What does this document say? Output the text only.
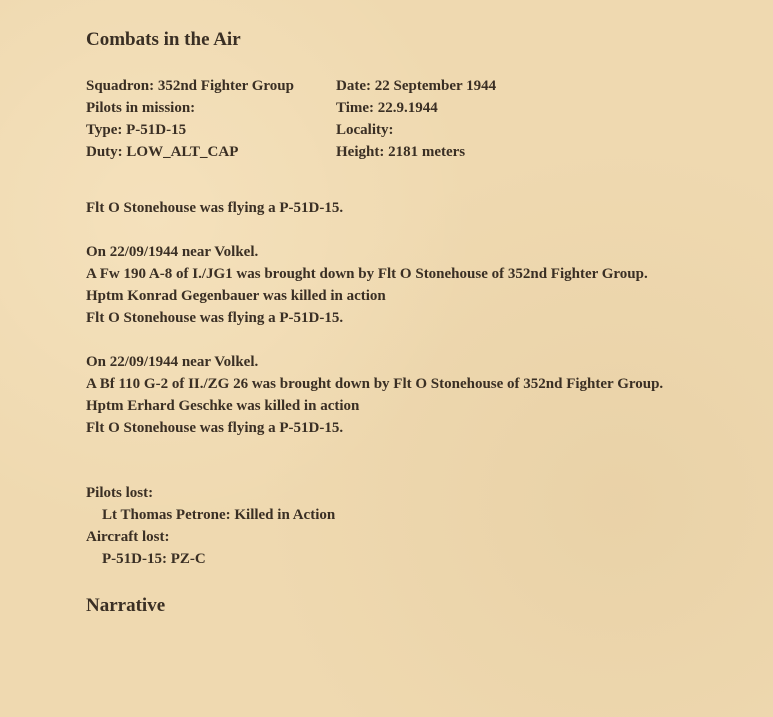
Combats in the Air
Squadron: 352nd Fighter Group	Date: 22 September 1944
Pilots in mission:	Time: 22.9.1944
Type: P-51D-15	Locality:
Duty: LOW_ALT_CAP	Height: 2181 meters
Flt O Stonehouse was flying a P-51D-15.
On 22/09/1944 near Volkel.
A Fw 190 A-8 of I./JG1 was brought down by Flt O Stonehouse of 352nd Fighter Group.
Hptm Konrad Gegenbauer was killed in action
Flt O Stonehouse was flying a P-51D-15.
On 22/09/1944 near Volkel.
A Bf 110 G-2 of II./ZG 26 was brought down by Flt O Stonehouse of 352nd Fighter Group.
Hptm Erhard Geschke was killed in action
Flt O Stonehouse was flying a P-51D-15.
Pilots lost:
Lt Thomas Petrone: Killed in Action
Aircraft lost:
P-51D-15: PZ-C
Narrative
